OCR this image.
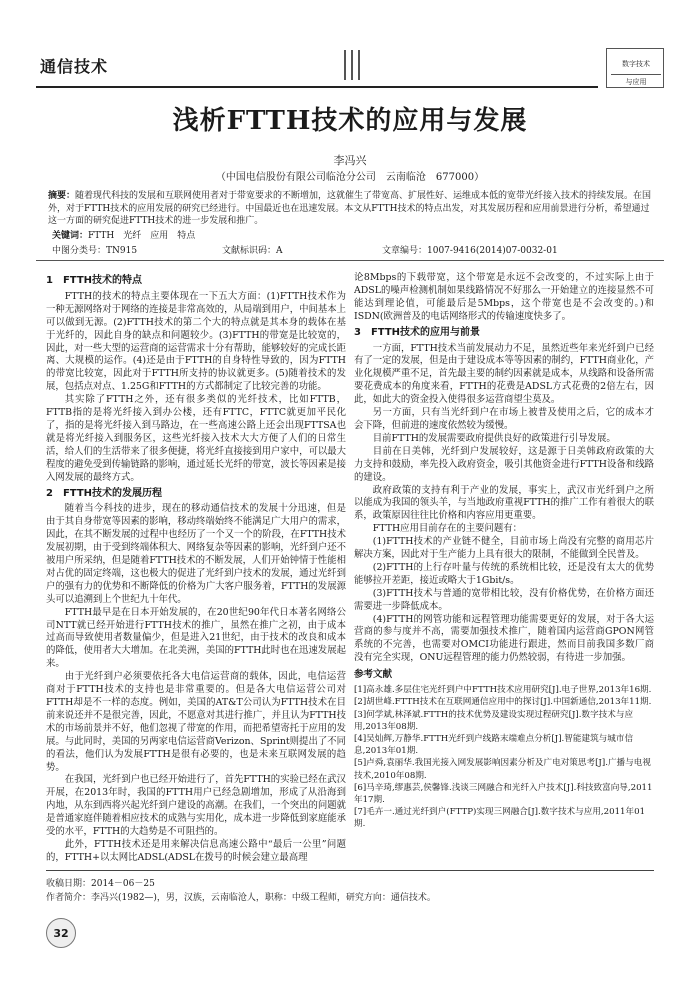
通信技术	数字技术
与应用
浅析FTTH技术的应用与发展
李冯兴
（中国电信股份有限公司临沧分公司　云南临沧　677000）
摘要：随着现代科技的发展和互联网使用者对于带宽要求的不断增加，这就催生了带宽高、扩展性好、运维成本低的宽带光纤接入技术的持续发展。在国外，对于FTTH技术的应用发展的研究已经进行。中国最近也在迅速发展。本文从FTTH技术的特点出发，对其发展历程和应用前景进行分析，希望通过这一方面的研究促进FTTH技术的进一步发展和推广。
关键词：FTTH　光纤　应用　特点
中图分类号：TN915	文献标识码：A	文章编号：1007-9416(2014)07-0032-01
1　FTTH技术的特点

FTTH的技术的特点主要体现在一下五大方面：(1)FTTH技术作为一种无源网络对于网络的连接是非常高效的，从局端到用户，中间基本上可以做到无源。(2)FTTH技术的第二个大的特点就是其本身的载体在基于光纤的，因此自身的缺点和问题较少。(3)FTTH的带宽是比较宽的，因此，对一些大型的运营商的运营需求十分有帮助，能够较好的完成长距离、大规模的运作。(4)还是由于FTTH的自身特性导致的，因为FTTH的带宽比较宽，因此对于FTTH所支持的协议就更多。(5)随着技术的发展，包括点对点、1.25G和FTTH的方式都制定了比较完善的功能。

其实除了FTTH之外，还有很多类似的光纤技术，比如FTTB，FTTB指的是将光纤接入到办公楼，还有FTTC，FTTC就更加平民化了，指的是将光纤接入到马路边，在一些高速公路上还会出现FTTSA也就是将光纤接入到服务区，这些光纤接入技术大大方便了人们的日常生活，给人们的生活带来了很多便捷，将光纤直接接到用户家中，可以最大程度的避免受到传输链路的影响，通过延长光纤的带宽，波长等因素是接入网发展的最终方式。

2　FTTH技术的发展历程

随着当今科技的进步，现在的移动通信技术的发展十分迅速，但是由于其自身带宽等因素的影响，移动终端始终不能满足广大用户的需求，因此，在其不断发展的过程中也经历了一个又一个的阶段，在FTTH技术发展初期，由于受到终端体积大、网络复杂等因素的影响，光纤到户还不被用户所采纳，但是随着FTTH技术的不断发展，人们开始钟情于性能相对占优的固定终端，这也极大的促进了光纤到户技术的发展，通过光纤到户的强有力的优势和不断降低的价格为广大客户服务着，FTTH的发展源头可以追溯到上个世纪九十年代。

FTTH最早是在日本开始发展的，在20世纪90年代日本著名网络公司NTT就已经开始进行FTTH技术的推广，虽然在推广之初，由于成本过高而导致使用者数量偏少，但是进入21世纪，由于技术的改良和成本的降低，使用者大大增加。在北美洲，美国的FTTH此时也在迅速发展起来。

由于光纤到户必须要依托各大电信运营商的载体，因此，电信运营商对于FTTH技术的支持也是非常重要的。但是各大电信运营公司对FTTH却是不一样的态度。例如，美国的AT&T公司认为FTTH技术在目前来说还并不是很完善，因此，不愿意对其进行推广，并且认为FTTH技术的市场前景并不好，他们忽视了带宽的作用，而把希望寄托于应用的发展。与此同时，美国的另两家电信运营商Verizon、Sprint则提出了不同的看法，他们认为发展FTTH是很有必要的，也是未来互联网发展的趋势。

在我国，光纤到户也已经开始进行了，首先FTTH的实验已经在武汉开展，在2013年时，我国的FTTH用户已经急剧增加，形成了从沿海到内地，从东到西将兴起光纤到户建设的高潮。在我们，一个突出的问题就是普通家庭伴随着相应技术的成熟与实用化，成本进一步降低到家庭能承受的水平，FTTH的大趋势是不可阻挡的。

此外，FTTH技术还是用来解决信息高速公路中“最后一公里”问题的，FTTH+以太网比ADSL(ADSL在拨号的时候会建立最高理

论8Mbps的下载带宽，这个带宽是永远不会改变的，不过实际上由于ADSL的噪声检测机制如果线路情况不好那么一开始建立的连接显然不可能达到理论值，可能最后是5Mbps，这个带宽也是不会改变的。)和ISDN(欧洲普及的电话网络形式的传输速度快多了。

3　FTTH技术的应用与前景

一方面，FTTH技术当前发展动力不足，虽然近些年来光纤到户已经有了一定的发展，但是由于建设成本等等因素的制约，FTTH商业化，产业化规模严重不足，首先最主要的制约因素就是成本，从线路和设备所需要花费成本的角度来看，FTTH的花费是ADSL方式花费的2倍左右，因此，如此大的资金投入使得很多运营商望尘莫及。

另一方面，只有当光纤到户在市场上被普及使用之后，它的成本才会下降，但前进的速度依然较为缓慢。

目前FTTH的发展需要政府提供良好的政策进行引导发展。

目前在日美韩，光纤到户发展较好，这是源于日美韩政府政策的大力支持和鼓励，率先投入政府资金，吸引其他资金进行FTTH设备和线路的建设。

政府政策的支持有利于产业的发展，事实上，武汉市光纤到户之所以能成为我国的领头羊，与当地政府重视FTTH的推广工作有着很大的联系，政策原因往往比价格和内容应用更重要。

FTTH应用目前存在的主要问题有：

(1)FTTH技术的产业链不健全，目前市场上尚没有完整的商用芯片解决方案，因此对于生产能力上具有很大的限制，不能做到全民普及。

(2)FTTH的上行存叶量与传统的系统相比较，还是没有太大的优势能够拉开差距，接近或略大于1Gbit/s。

(3)FTTH技术与普通的宽带相比较，没有价格优势，在价格方面还需要进一步降低成本。

(4)FTTH的网管功能和远程管理功能需要更好的发展，对于各大运营商的参与度并不高，需要加强技术推广，随着国内运营商GPON网管系统的不完善，也需要对OMCI功能进行跟进，然而目前我国多数厂商没有完全实现，ONU远程管理的能力仍然较弱，有待进一步加强。

参考文献
[1]高永雄.多层住宅光纤到户中FTTH技术应用研究[J].电子世界,2013年16期.
[2]胡世峰.FTTH技术在互联网通信应用中的探讨[J].中国新通信,2013年11期.
[3]何学斌,林泽斌.FTTH的技术优势及建设实现过程研究[J].数字技术与应用,2013年08期.
[4]吴灿辉,万静华.FTTH光纤到户线路末端难点分析[J].智能建筑与城市信息,2013年01期.
[5]卢舜,袁丽华.我国光接入网发展影响因素分析及广电对策思考[J].广播与电视技术,2010年08期.
[6]马辛琦,缪惠芸,侯馨锋.浅谈三网融合和光纤入户技术[J].科技致富向导,2011年17期.
[7]毛卉一.通过光纤到户(FTTP)实现三网融合[J].数字技术与应用,2011年01期.
收稿日期：2014－06－25
作者简介：李冯兴(1982—)，男，汉族，云南临沧人，职称：中级工程师，研究方向：通信技术。
32
